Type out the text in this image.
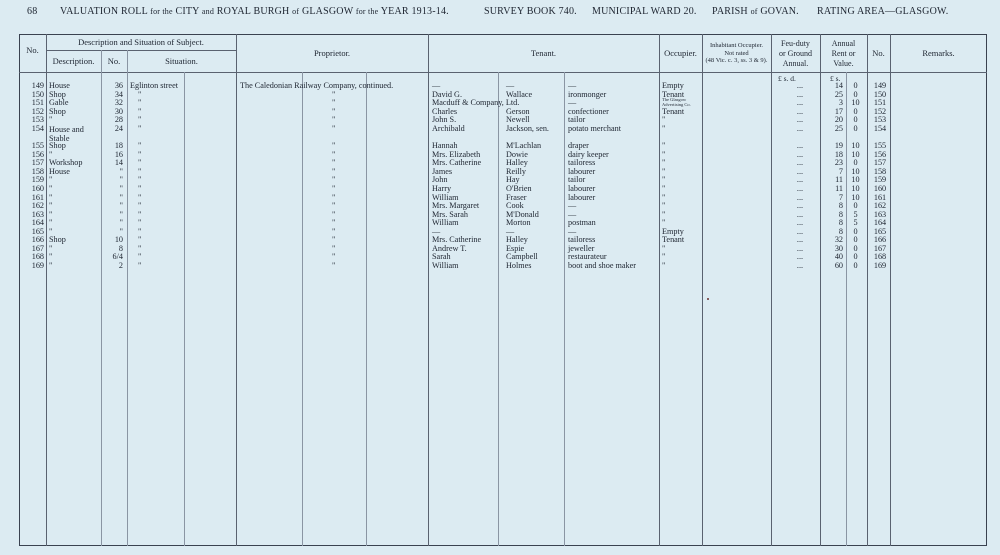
68 VALUATION ROLL for the CITY and ROYAL BURGH of GLASGOW for the YEAR 1913-14.	SURVEY BOOK 740. MUNICIPAL WARD 20. PARISH of GOVAN. RATING AREA—GLASGOW.
No.
Description and Situation of Subject.
Description.	No.	Situation.
Proprietor.	Tenant.	Occupier.
Inhabitant Occupier.
Not rated
(48 Vic. c. 3, ss. 3 & 9).
Feu-duty
or Ground
Annual.
Annual
Rent or
Value.
No.	Remarks.
£ s. d.	£ s.
149 House	36 Eglinton street	The Caledonian Railway Company, continued.	—	—	—	Empty	...	14	0	149
150 Shop	34	"	"	David G.	Wallace	ironmonger	Tenant	...	25	0	150
151 Gable	32	"	"	Macduff & Company, Ltd.	—	The Glasgow Advertising Co.	...	3	10	151
152 Shop	30	"	"	Charles	Gerson	confectioner	Tenant	...	17	0	152
153 "	28	"	"	John S.	Newell	tailor	"	...	20	0	153
154 House and Stable
24	"	"	Archibald	Jackson, sen.	potato merchant	"	...	25	0	154
155 Shop	18	"	"	Hannah	M'Lachlan	draper	"	...	19	10	155
156 "	16	"	"	Mrs. Elizabeth	Dowie	dairy keeper	"	...	18	10	156
157 Workshop	14	"	"	Mrs. Catherine	Halley	tailoress	"	...	23	0	157
158 House	"	"	"	James	Reilly	labourer	"	...	7	10	158
159 "	"	"	"	John	Hay	tailor	"	...	11	10	159
160 "	"	"	"	Harry	O'Brien	labourer	"	...	11	10	160
161 "	"	"	"	William	Fraser	labourer	"	...	7	10	161
162 "	"	"	"	Mrs. Margaret	Cook	—	"	...	8	0	162
163 "	"	"	"	Mrs. Sarah	M'Donald	—	"	...	8	5	163
164 "	"	"	"	William	Morton	postman	"	...	8	5	164
165 "	"	"	"	—	—	—	Empty	...	8	0	165
166 Shop	10	"	"	Mrs. Catherine	Halley	tailoress	Tenant	...	32	0	166
167 "	8	"	"	Andrew T.	Espie	jeweller	"	...	30	0	167
168 "	6/4	"	"	Sarah	Campbell	restaurateur	"	...	40	0	168
169 "	2	"	"	William	Holmes	boot and shoe maker	"	...	60	0	169
